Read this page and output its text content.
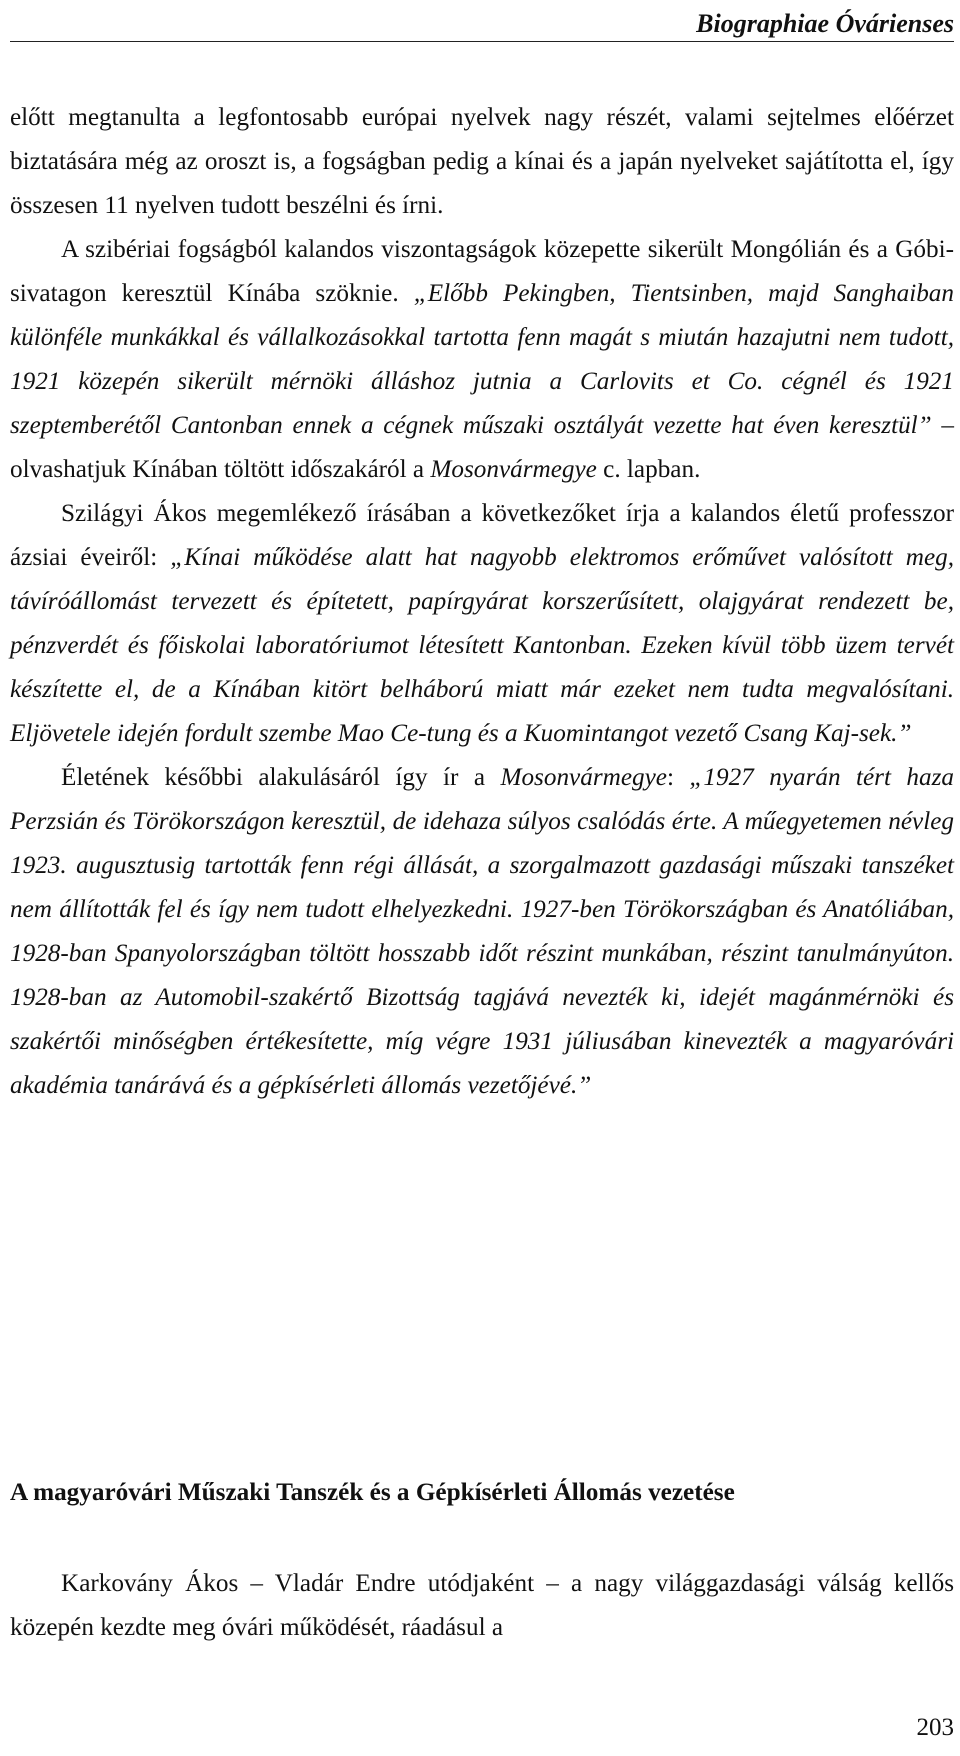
Biographiae Óvárienses

előtt megtanulta a legfontosabb európai nyelvek nagy részét, valami sejtelmes előérzet biztatására még az oroszt is, a fogságban pedig a kínai és a japán nyelveket sajátította el, így összesen 11 nyelven tudott beszélni és írni.

A szibériai fogságból kalandos viszontagságok közepette sikerült Mongólián és a Góbi-sivatagon keresztül Kínába szöknie. „Előbb Pekingben, Tientsinben, majd Sanghaiban különféle munkákkal és vállalkozásokkal tartotta fenn magát s miután hazajutni nem tudott, 1921 közepén sikerült mérnöki álláshoz jutnia a Carlovits et Co. cégnél és 1921 szeptemberétől Cantonban ennek a cégnek műszaki osztályát vezette hat éven keresztül” – olvashatjuk Kínában töltött időszakáról a Mosonvármegye c. lapban.

Szilágyi Ákos megemlékező írásában a következőket írja a kalandos életű professzor ázsiai éveiről: „Kínai működése alatt hat nagyobb elektromos erőművet valósított meg, távíróállomást tervezett és építetett, papírgyárat korszerűsített, olajgyárat rendezett be, pénzverdét és főiskolai laboratóriumot létesített Kantonban. Ezeken kívül több üzem tervét készítette el, de a Kínában kitört belháború miatt már ezeket nem tudta megvalósítani. Eljövetele idején fordult szembe Mao Ce-tung és a Kuomintangot vezető Csang Kaj-sek.”

Életének későbbi alakulásáról így ír a Mosonvármegye: „1927 nyarán tért haza Perzsián és Törökországon keresztül, de idehaza súlyos csalódás érte. A műegyetemen névleg 1923. augusztusig tartották fenn régi állását, a szorgalmazott gazdasági műszaki tanszéket nem állították fel és így nem tudott elhelyezkedni. 1927-ben Törökországban és Anatóliában, 1928-ban Spanyolországban töltött hosszabb időt részint munkában, részint tanulmányúton. 1928-ban az Automobil-szakértő Bizottság tagjává nevezték ki, idejét magánmérnöki és szakértői minőségben értékesítette, míg végre 1931 júliusában kinevezték a magyaróvári akadémia tanárává és a gépkísérleti állomás vezetőjévé.”

A magyaróvári Műszaki Tanszék és a Gépkísérleti Állomás vezetése

Karkovány Ákos – Vladár Endre utódjaként – a nagy világgazdasági válság kellős közepén kezdte meg óvári működését, ráadásul a

203
